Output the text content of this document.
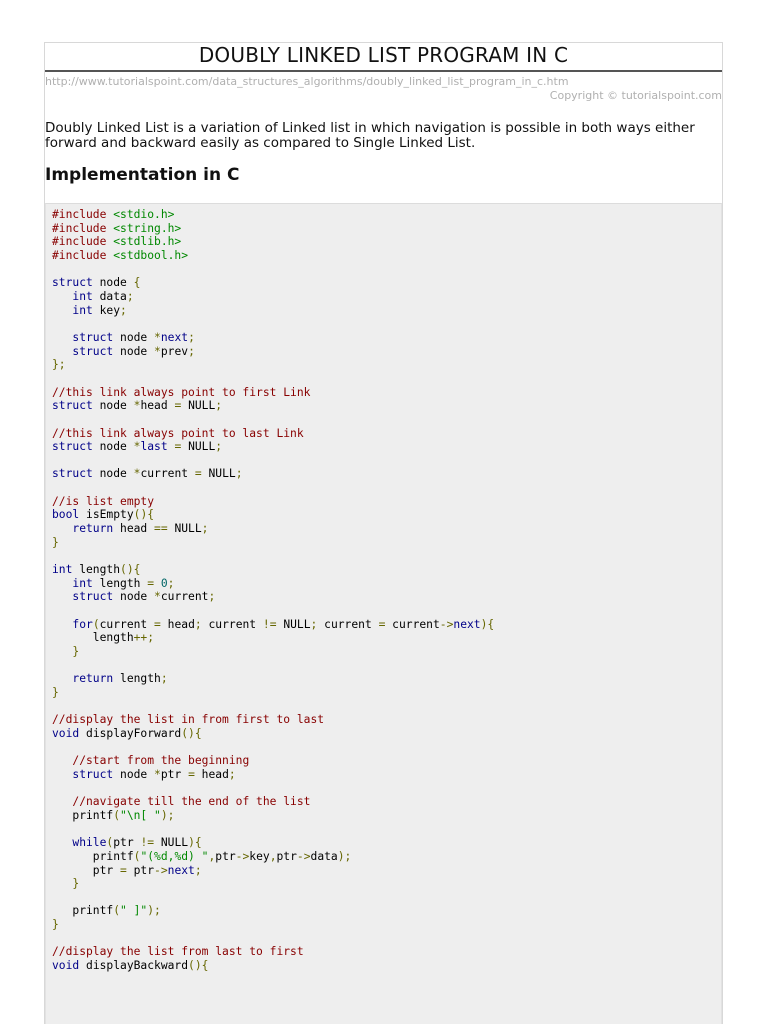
DOUBLY LINKED LIST PROGRAM IN C
http://www.tutorialspoint.com/data_structures_algorithms/doubly_linked_list_program_in_c.htm
Copyright © tutorialspoint.com
Doubly Linked List is a variation of Linked list in which navigation is possible in both ways either forward and backward easily as compared to Single Linked List.
Implementation in C
#include <stdio.h>
#include <string.h>
#include <stdlib.h>
#include <stdbool.h>

struct node {
int data;
int key;

struct node *next;
struct node *prev;
};

//this link always point to first Link
struct node *head = NULL;

//this link always point to last Link
struct node *last = NULL;

struct node *current = NULL;

//is list empty
bool isEmpty(){
return head == NULL;
}

int length(){
int length = 0;
struct node *current;

for(current = head; current != NULL; current = current->next){
length++;
}

return length;
}

//display the list in from first to last
void displayForward(){

//start from the beginning
struct node *ptr = head;

//navigate till the end of the list
printf("\n[ ");

while(ptr != NULL){
printf("(%d,%d) ",ptr->key,ptr->data);
ptr = ptr->next;
}

printf(" ]");
}

//display the list from last to first
void displayBackward(){
